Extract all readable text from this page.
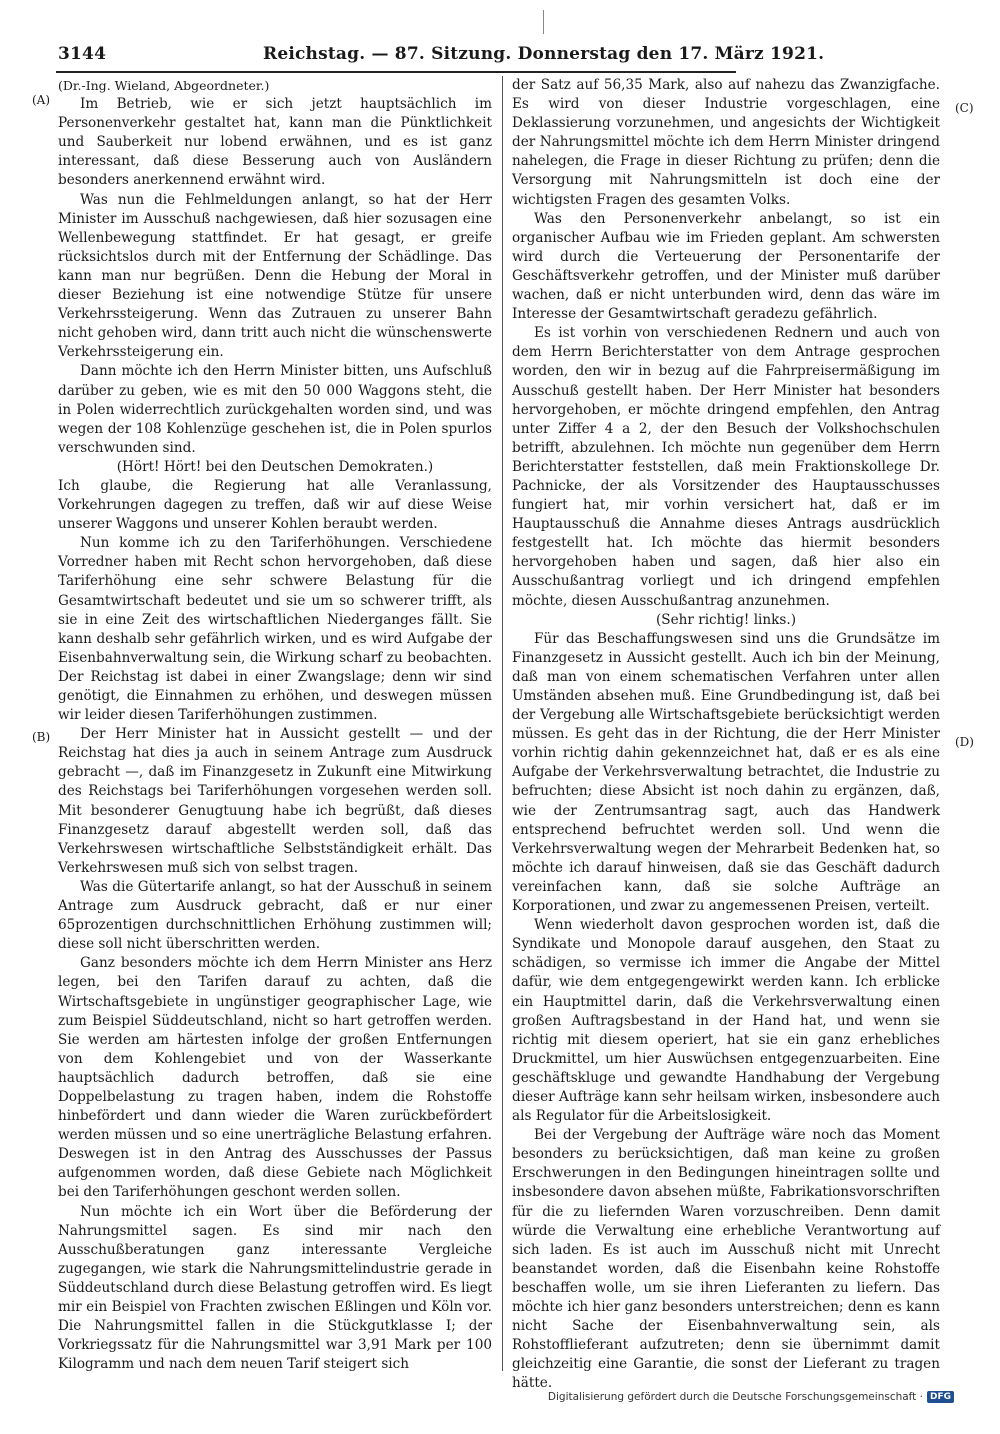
3144	Reichstag. — 87. Sitzung. Donnerstag den 17. März 1921.
(A)
(B)
(C)
(D)

(Dr.-Ing. Wieland, Abgeordneter.)

Im Betrieb, wie er sich jetzt hauptsächlich im Personenverkehr gestaltet hat, kann man die Pünktlichkeit und Sauberkeit nur lobend erwähnen, und es ist ganz interessant, daß diese Besserung auch von Ausländern besonders anerkennend erwähnt wird.

Was nun die Fehlmeldungen anlangt, so hat der Herr Minister im Ausschuß nachgewiesen, daß hier sozusagen eine Wellenbewegung stattfindet. Er hat gesagt, er greife rücksichtslos durch mit der Entfernung der Schädlinge. Das kann man nur begrüßen. Denn die Hebung der Moral in dieser Beziehung ist eine notwendige Stütze für unsere Verkehrssteigerung. Wenn das Zutrauen zu unserer Bahn nicht gehoben wird, dann tritt auch nicht die wünschenswerte Verkehrssteigerung ein.

Dann möchte ich den Herrn Minister bitten, uns Aufschluß darüber zu geben, wie es mit den 50 000 Waggons steht, die in Polen widerrechtlich zurückgehalten worden sind, und was wegen der 108 Kohlenzüge geschehen ist, die in Polen spurlos verschwunden sind.

(Hört! Hört! bei den Deutschen Demokraten.)

Ich glaube, die Regierung hat alle Veranlassung, Vorkehrungen dagegen zu treffen, daß wir auf diese Weise unserer Waggons und unserer Kohlen beraubt werden.

Nun komme ich zu den Tariferhöhungen. Verschiedene Vorredner haben mit Recht schon hervorgehoben, daß diese Tariferhöhung eine sehr schwere Belastung für die Gesamtwirtschaft bedeutet und sie um so schwerer trifft, als sie in eine Zeit des wirtschaftlichen Niederganges fällt. Sie kann deshalb sehr gefährlich wirken, und es wird Aufgabe der Eisenbahnverwaltung sein, die Wirkung scharf zu beobachten. Der Reichstag ist dabei in einer Zwangslage; denn wir sind genötigt, die Einnahmen zu erhöhen, und deswegen müssen wir leider diesen Tariferhöhungen zustimmen.

Der Herr Minister hat in Aussicht gestellt — und der Reichstag hat dies ja auch in seinem Antrage zum Ausdruck gebracht —, daß im Finanzgesetz in Zukunft eine Mitwirkung des Reichstags bei Tariferhöhungen vorgesehen werden soll. Mit besonderer Genugtuung habe ich begrüßt, daß dieses Finanzgesetz darauf abgestellt werden soll, daß das Verkehrswesen wirtschaftliche Selbstständigkeit erhält. Das Verkehrswesen muß sich von selbst tragen.

Was die Gütertarife anlangt, so hat der Ausschuß in seinem Antrage zum Ausdruck gebracht, daß er nur einer 65prozentigen durchschnittlichen Erhöhung zustimmen will; diese soll nicht überschritten werden.

Ganz besonders möchte ich dem Herrn Minister ans Herz legen, bei den Tarifen darauf zu achten, daß die Wirtschaftsgebiete in ungünstiger geographischer Lage, wie zum Beispiel Süddeutschland, nicht so hart getroffen werden. Sie werden am härtesten infolge der großen Entfernungen von dem Kohlengebiet und von der Wasserkante hauptsächlich dadurch betroffen, daß sie eine Doppelbelastung zu tragen haben, indem die Rohstoffe hinbefördert und dann wieder die Waren zurückbefördert werden müssen und so eine unerträgliche Belastung erfahren. Deswegen ist in den Antrag des Ausschusses der Passus aufgenommen worden, daß diese Gebiete nach Möglichkeit bei den Tariferhöhungen geschont werden sollen.

Nun möchte ich ein Wort über die Beförderung der Nahrungsmittel sagen. Es sind mir nach den Ausschußberatungen ganz interessante Vergleiche zugegangen, wie stark die Nahrungsmittelindustrie gerade in Süddeutschland durch diese Belastung getroffen wird. Es liegt mir ein Beispiel von Frachten zwischen Eßlingen und Köln vor. Die Nahrungsmittel fallen in die Stückgutklasse I; der Vorkriegssatz für die Nahrungsmittel war 3,91 Mark per 100 Kilogramm und nach dem neuen Tarif steigert sich

der Satz auf 56,35 Mark, also auf nahezu das Zwanzigfache. Es wird von dieser Industrie vorgeschlagen, eine Deklassierung vorzunehmen, und angesichts der Wichtigkeit der Nahrungsmittel möchte ich dem Herrn Minister dringend nahelegen, die Frage in dieser Richtung zu prüfen; denn die Versorgung mit Nahrungsmitteln ist doch eine der wichtigsten Fragen des gesamten Volks.

Was den Personenverkehr anbelangt, so ist ein organischer Aufbau wie im Frieden geplant. Am schwersten wird durch die Verteuerung der Personentarife der Geschäftsverkehr getroffen, und der Minister muß darüber wachen, daß er nicht unterbunden wird, denn das wäre im Interesse der Gesamtwirtschaft geradezu gefährlich.

Es ist vorhin von verschiedenen Rednern und auch von dem Herrn Berichterstatter von dem Antrage gesprochen worden, den wir in bezug auf die Fahrpreisermäßigung im Ausschuß gestellt haben. Der Herr Minister hat besonders hervorgehoben, er möchte dringend empfehlen, den Antrag unter Ziffer 4 a 2, der den Besuch der Volkshochschulen betrifft, abzulehnen. Ich möchte nun gegenüber dem Herrn Berichterstatter feststellen, daß mein Fraktionskollege Dr. Pachnicke, der als Vorsitzender des Hauptausschusses fungiert hat, mir vorhin versichert hat, daß er im Hauptausschuß die Annahme dieses Antrags ausdrücklich festgestellt hat. Ich möchte das hiermit besonders hervorgehoben haben und sagen, daß hier also ein Ausschußantrag vorliegt und ich dringend empfehlen möchte, diesen Ausschußantrag anzunehmen.

(Sehr richtig! links.)

Für das Beschaffungswesen sind uns die Grundsätze im Finanzgesetz in Aussicht gestellt. Auch ich bin der Meinung, daß man von einem schematischen Verfahren unter allen Umständen absehen muß. Eine Grundbedingung ist, daß bei der Vergebung alle Wirtschaftsgebiete berücksichtigt werden müssen. Es geht das in der Richtung, die der Herr Minister vorhin richtig dahin gekennzeichnet hat, daß er es als eine Aufgabe der Verkehrsverwaltung betrachtet, die Industrie zu befruchten; diese Absicht ist noch dahin zu ergänzen, daß, wie der Zentrumsantrag sagt, auch das Handwerk entsprechend befruchtet werden soll. Und wenn die Verkehrsverwaltung wegen der Mehrarbeit Bedenken hat, so möchte ich darauf hinweisen, daß sie das Geschäft dadurch vereinfachen kann, daß sie solche Aufträge an Korporationen, und zwar zu angemessenen Preisen, verteilt.

Wenn wiederholt davon gesprochen worden ist, daß die Syndikate und Monopole darauf ausgehen, den Staat zu schädigen, so vermisse ich immer die Angabe der Mittel dafür, wie dem entgegengewirkt werden kann. Ich erblicke ein Hauptmittel darin, daß die Verkehrsverwaltung einen großen Auftragsbestand in der Hand hat, und wenn sie richtig mit diesem operiert, hat sie ein ganz erhebliches Druckmittel, um hier Auswüchsen entgegenzuarbeiten. Eine geschäftskluge und gewandte Handhabung der Vergebung dieser Aufträge kann sehr heilsam wirken, insbesondere auch als Regulator für die Arbeitslosigkeit.

Bei der Vergebung der Aufträge wäre noch das Moment besonders zu berücksichtigen, daß man keine zu großen Erschwerungen in den Bedingungen hineintragen sollte und insbesondere davon absehen müßte, Fabrikationsvorschriften für die zu liefernden Waren vorzuschreiben. Denn damit würde die Verwaltung eine erhebliche Verantwortung auf sich laden. Es ist auch im Ausschuß nicht mit Unrecht beanstandet worden, daß die Eisenbahn keine Rohstoffe beschaffen wolle, um sie ihren Lieferanten zu liefern. Das möchte ich hier ganz besonders unterstreichen; denn es kann nicht Sache der Eisenbahnverwaltung sein, als Rohstofflieferant aufzutreten; denn sie übernimmt damit gleichzeitig eine Garantie, die sonst der Lieferant zu tragen hätte.

Digitalisierung gefördert durch die Deutsche Forschungsgemeinschaft · DFG
